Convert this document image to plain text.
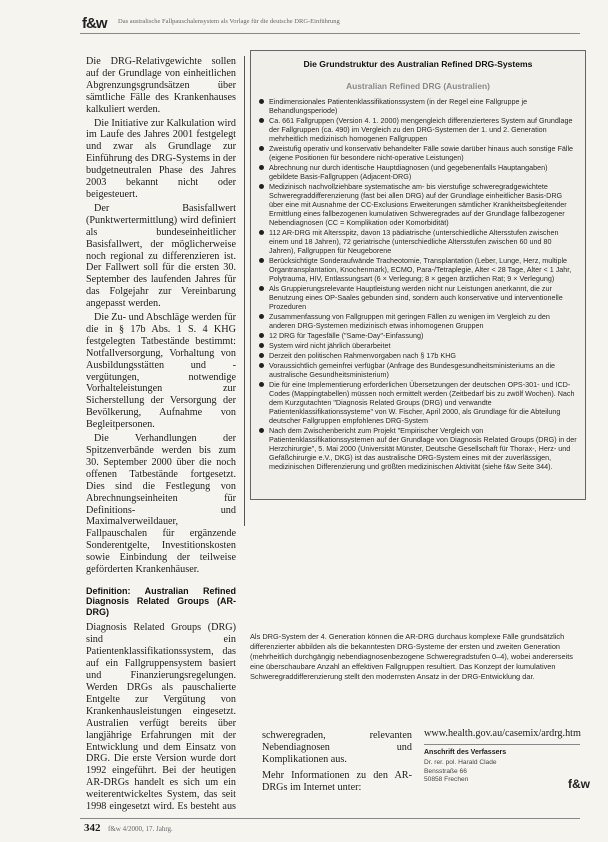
f&w Das australische Fallpauschalensystem als Vorlage für die deutsche DRG-Einführung

Die DRG-Relativgewichte sollen auf der Grundlage von einheitlichen Abgrenzungsgrundsätzen über sämtliche Fälle des Krankenhauses kalkuliert werden.

Die Initiative zur Kalkulation wird im Laufe des Jahres 2001 festgelegt und zwar als Grundlage zur Einführung des DRG-Systems in der budgetneutralen Phase des Jahres 2003 bekannt nicht oder beigesteuert.

Der Basisfallwert (Punktwertermittlung) wird definiert als bundeseinheitlicher Basisfallwert, der möglicherweise noch regional zu differenzieren ist. Der Fallwert soll für die ersten 30. September des laufenden Jahres für das Folgejahr zur Vereinbarung angepasst werden.

Die Zu- und Abschläge werden für die in § 17b Abs. 1 S. 4 KHG festgelegten Tatbestände bestimmt: Notfallversorgung, Vorhaltung von Ausbildungsstätten und -vergütungen, notwendige Vorhalteleistungen zur Sicherstellung der Versorgung der Bevölkerung, Aufnahme von Begleitpersonen.

Die Verhandlungen der Spitzenverbände werden bis zum 30. September 2000 über die noch offenen Tatbestände fortgesetzt. Dies sind die Festlegung von Abrechnungseinheiten für Definitions- und Maximalverweildauer, Fallpauschalen für ergänzende Sonderentgelte, Investitionskosten sowie Einbindung der teilweise geförderten Krankenhäuser.

Definition: Australian Refined Diagnosis Related Groups (AR-DRG)

Diagnosis Related Groups (DRG) sind ein Patientenklassifikationssystem, das auf ein Fallgruppensystem basiert und Finanzierungsregelungen. Werden DRGs als pauschalierte Entgelte zur Vergütung von Krankenhausleistungen eingesetzt. Australien verfügt bereits über langjährige Erfahrungen mit der Entwicklung und dem Einsatz von DRG. Die erste Version wurde dort 1992 eingeführt. Bei der heutigen AR-DRGs handelt es sich um ein weiterentwickeltes System, das seit 1998 eingesetzt wird. Es besteht aus

Die Grundstruktur des Australian Refined DRG-Systems
Australian Refined DRG (Australien)
Eindimensionales Patientenklassifikationssystem (in der Regel eine Fallgruppe je Behandlungsperiode)
Ca. 661 Fallgruppen (Version 4. 1. 2000) mengengleich differenzierteres System auf Grundlage der Fallgruppen (ca. 490) im Vergleich zu den DRG-Systemen der 1. und 2. Generation mehrheitlich medizinisch homogenen Fallgruppen
Zweistufig operativ und konservativ behandelter Fälle sowie darüber hinaus auch sonstige Fälle (eigene Positionen für besondere nicht-operative Leistungen)
Abrechnung nur durch identische Hauptdiagnosen (und gegebenenfalls Hauptangaben) gebildete Basis-Fallgruppen (Adjacent-DRG)
Medizinisch nachvollziehbare systematische am- bis vierstufige schweregradgewichtete Schweregraddifferenzierung (fast bei allen DRG) auf der Grundlage einheitlicher Basis-DRG über eine mit Ausnahme der CC-Exclusions Erweiterungen sämtlicher Krankheitsbegleitender Ermittlung eines fallbezogenen kumulativen Schweregrades auf der Grundlage fallbezogener Nebendiagnosen (CC = Komplikation oder Komorbidität)
112 AR-DRG mit Altersspitz, davon 13 pädiatrische (unterschiedliche Altersstufen zwischen einem und 18 Jahren), 72 geriatrische (unterschiedliche Altersstufen zwischen 60 und 80 Jahren), Fallgruppen für Neugeborene
Berücksichtigte Sonderaufwände Tracheotomie, Transplantation (Leber, Lunge, Herz, multiple Organtransplantation, Knochenmark), ECMO, Para-/Tetraplegie, Alter < 28 Tage, Alter < 1 Jahr, Polytrauma, HIV, Entlassungsart (6 × Verlegung; 8 × gegen ärztlichen Rat; 9 × Verlegung)
Als Gruppierungsrelevante Hauptleistung werden nicht nur Leistungen anerkannt, die zur Benutzung eines OP-Saales gebunden sind, sondern auch konservative und interventionelle Prozeduren
Zusammenfassung von Fallgruppen mit geringen Fällen zu wenigen im Vergleich zu den anderen DRG-Systemen medizinisch etwas inhomogenen Gruppen
12 DRG für Tagesfälle ("Same-Day"-Einfassung)
System wird nicht jährlich überarbeitet
Derzeit den politischen Rahmenvorgaben nach § 17b KHG
Voraussichtlich gemeinfrei verfügbar (Anfrage des Bundesgesundheitsministeriums an die australische Gesundheitsministerium)
Die für eine Implementierung erforderlichen Übersetzungen der deutschen OPS-301- und ICD-Codes (Mappingtabellen) müssen noch ermittelt werden (Zeitbedarf bis zu zwölf Wochen). Nach dem Kurzgutachten "Diagnosis Related Groups (DRG) und verwandte Patientenklassifikationssysteme" von W. Fischer, April 2000, als Grundlage für die Abteilung deutscher Fallgruppen empfohlenes DRG-System
Nach dem Zwischenbericht zum Projekt "Empirischer Vergleich von Patientenklassifikationssystemen auf der Grundlage von Diagnosis Related Groups (DRG) in der Herzchirurgie", 5. Mai 2000 (Universität Münster, Deutsche Gesellschaft für Thorax-, Herz- und Gefäßchirurgie e.V., DKG) ist das australische DRG-System eines mit der zuverlässigen, medizinischen Differenzierung und größten medizinischen Aktivität (siehe f&w Seite 344).
Als DRG-System der 4. Generation können die AR-DRG durchaus komplexe Fälle grundsätzlich differenzierter abbilden als die bekanntesten DRG-Systeme der ersten und zweiten Generation (mehrheitlich durchgängig nebendiagnosenbezogene Schweregradstufen 0–4), wobei andererseits eine überschaubare Anzahl an effektiven Fallgruppen resultiert. Das Konzept der kumulativen Schweregraddifferenzierung stellt den modernsten Ansatz in der DRG-Entwicklung dar.

schweregraden, relevanten Nebendiagnosen und Komplikationen aus.

Mehr Informationen zu den AR-DRGs im Internet unter:

www.health.gov.au/casemix/ardrg.htm
Anschrift des Verfassers
Dr. rer. pol. Harald Clade
Bensstraße 66
50858 Frechen	f&w
342 f&w 4/2000, 17. Jahrg.
